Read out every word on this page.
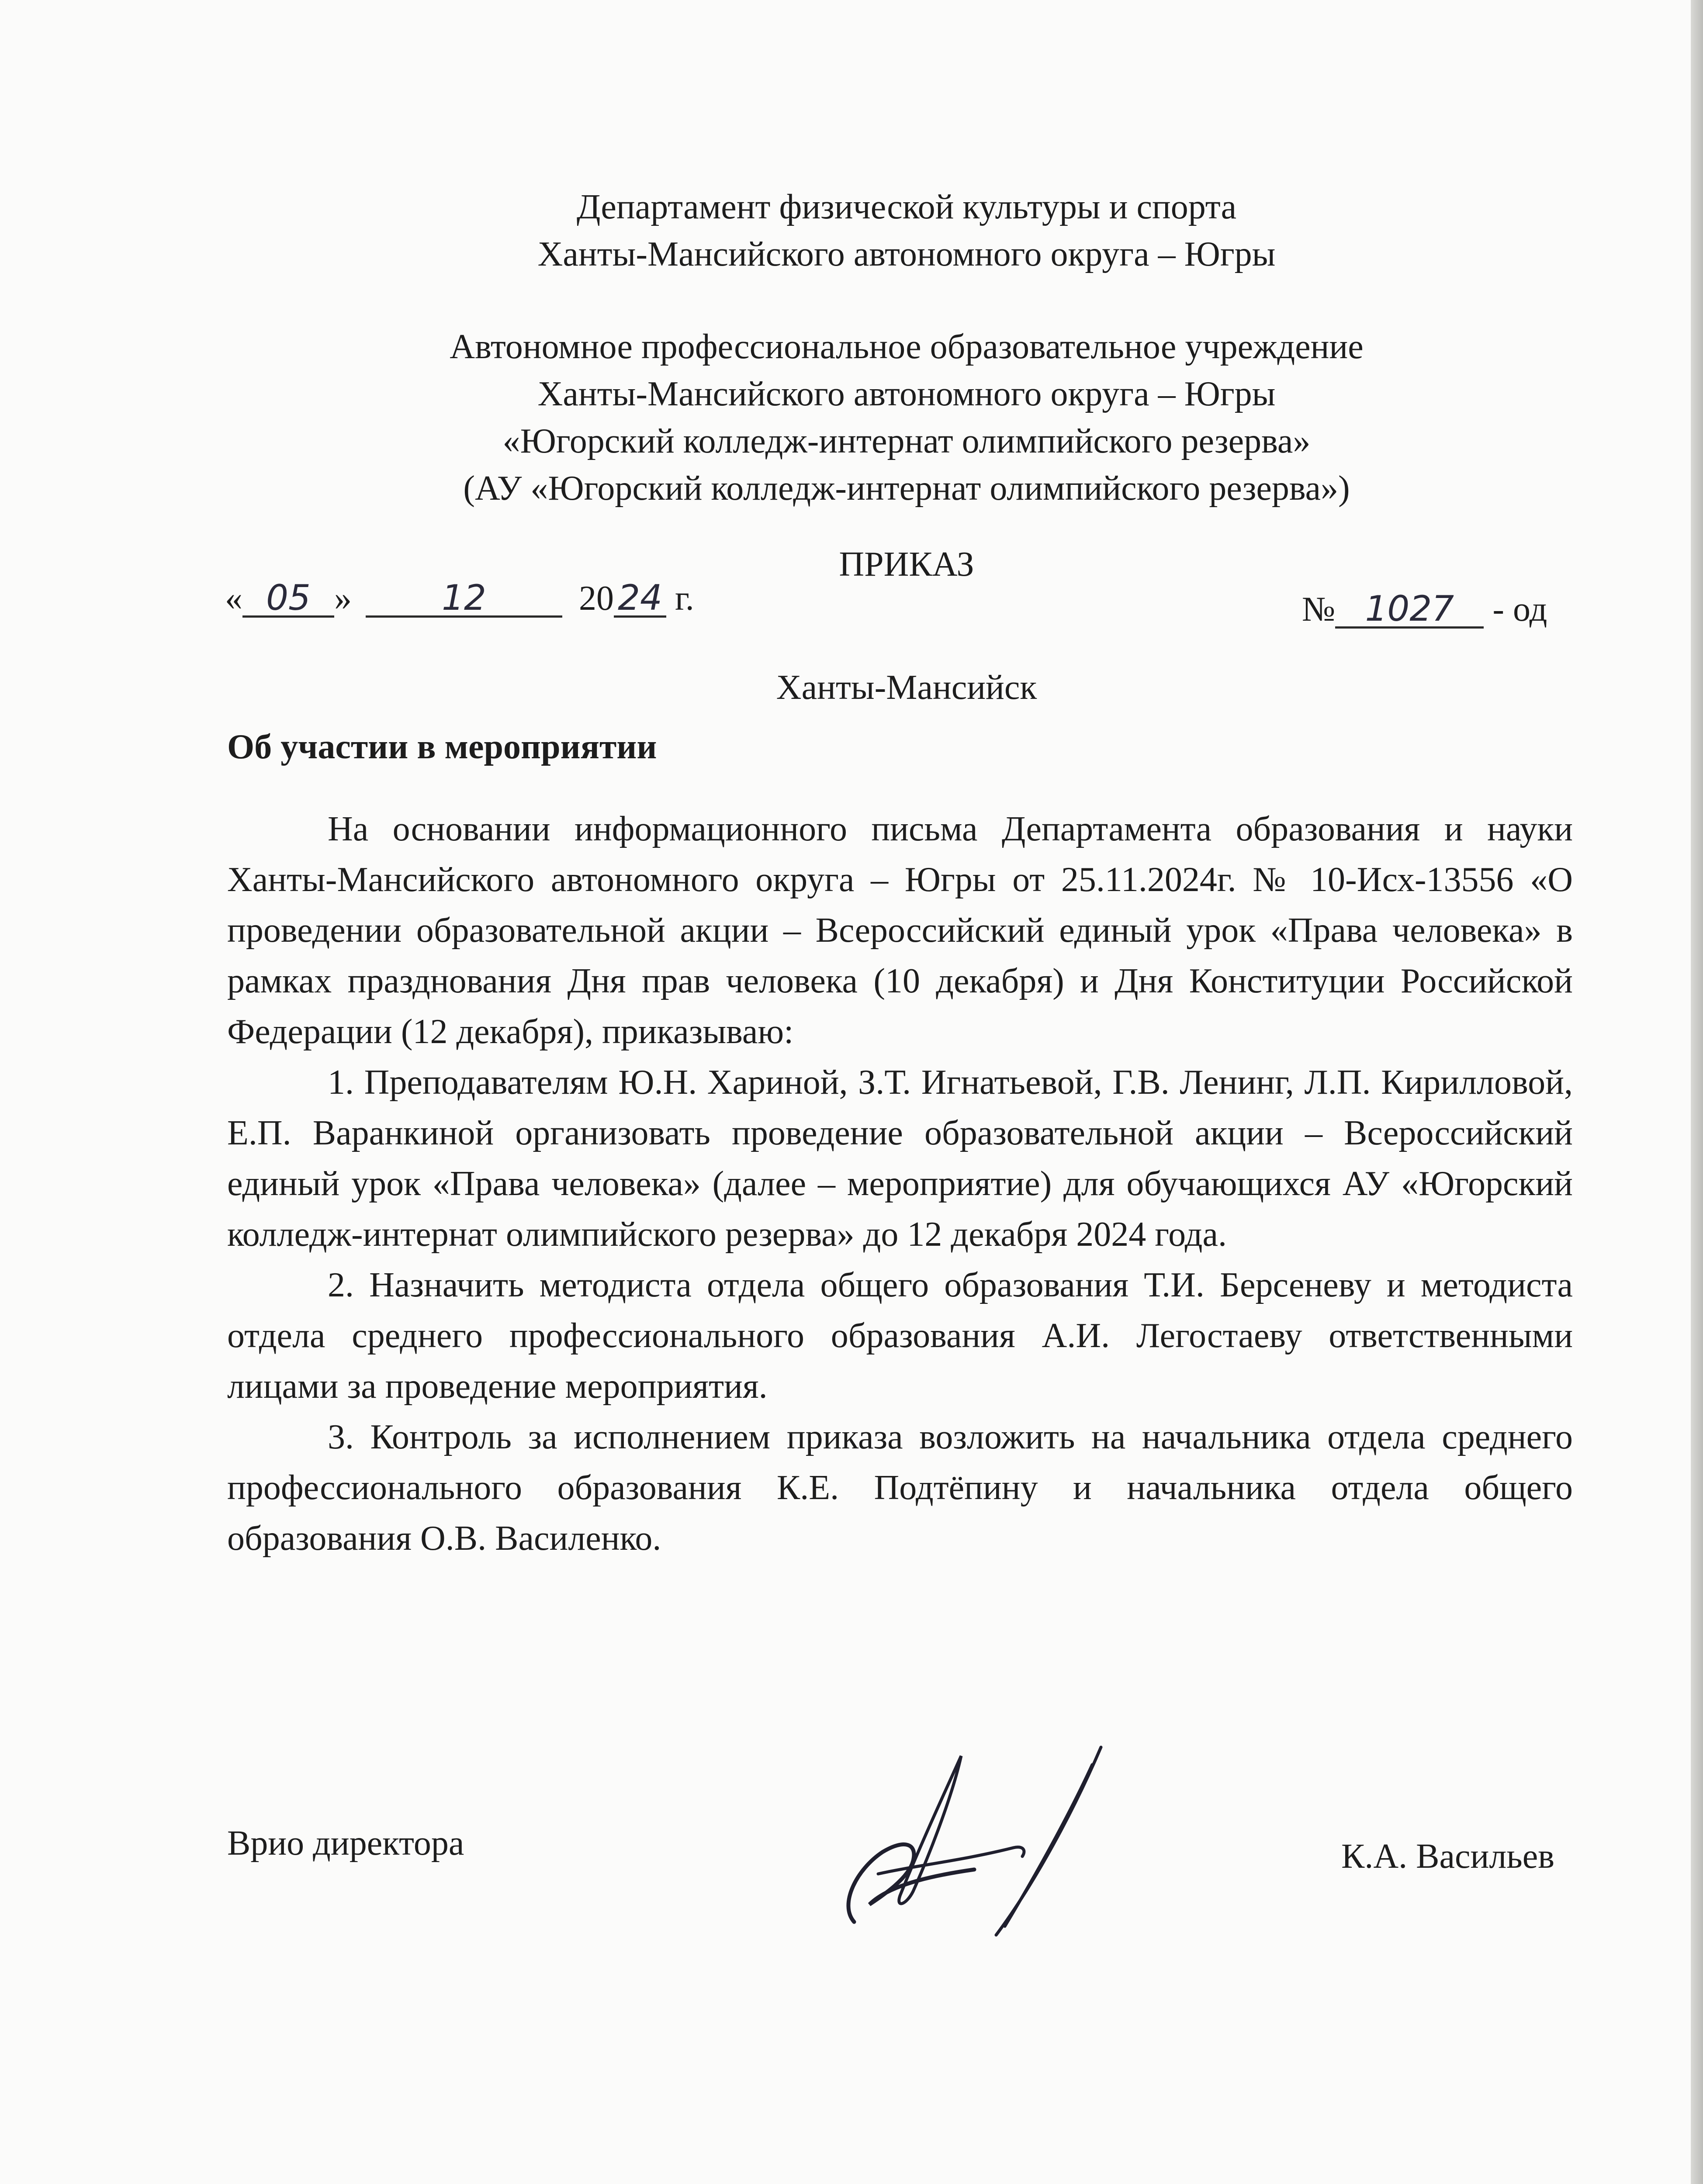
Департамент физической культуры и спорта
Ханты-Мансийского автономного округа – Югры
Автономное профессиональное образовательное учреждение
Ханты-Мансийского автономного округа – Югры
«Югорский колледж-интернат олимпийского резерва»
(АУ «Югорский колледж-интернат олимпийского резерва»)
ПРИКАЗ
« 05 »	12	20 24 г.	№ 1027 - од
Ханты-Мансийск
Об участии в мероприятии

На основании информационного письма Департамента образования и науки Ханты-Мансийского автономного округа – Югры от 25.11.2024г. № 10-Исх-13556 «О проведении образовательной акции – Всероссийский единый урок «Права человека» в рамках празднования Дня прав человека (10 декабря) и Дня Конституции Российской Федерации (12 декабря), приказываю:

1. Преподавателям Ю.Н. Хариной, З.Т. Игнатьевой, Г.В. Ленинг, Л.П. Кирилловой, Е.П. Варанкиной организовать проведение образовательной акции – Всероссийский единый урок «Права человека» (далее – мероприятие) для обучающихся АУ «Югорский колледж-интернат олимпийского резерва» до 12 декабря 2024 года.

2. Назначить методиста отдела общего образования Т.И. Берсеневу и методиста отдела среднего профессионального образования А.И. Легостаеву ответственными лицами за проведение мероприятия.

3. Контроль за исполнением приказа возложить на начальника отдела среднего профессионального образования К.Е. Подтёпину и начальника отдела общего образования О.В. Василенко.

Врио директора	К.А. Васильев
